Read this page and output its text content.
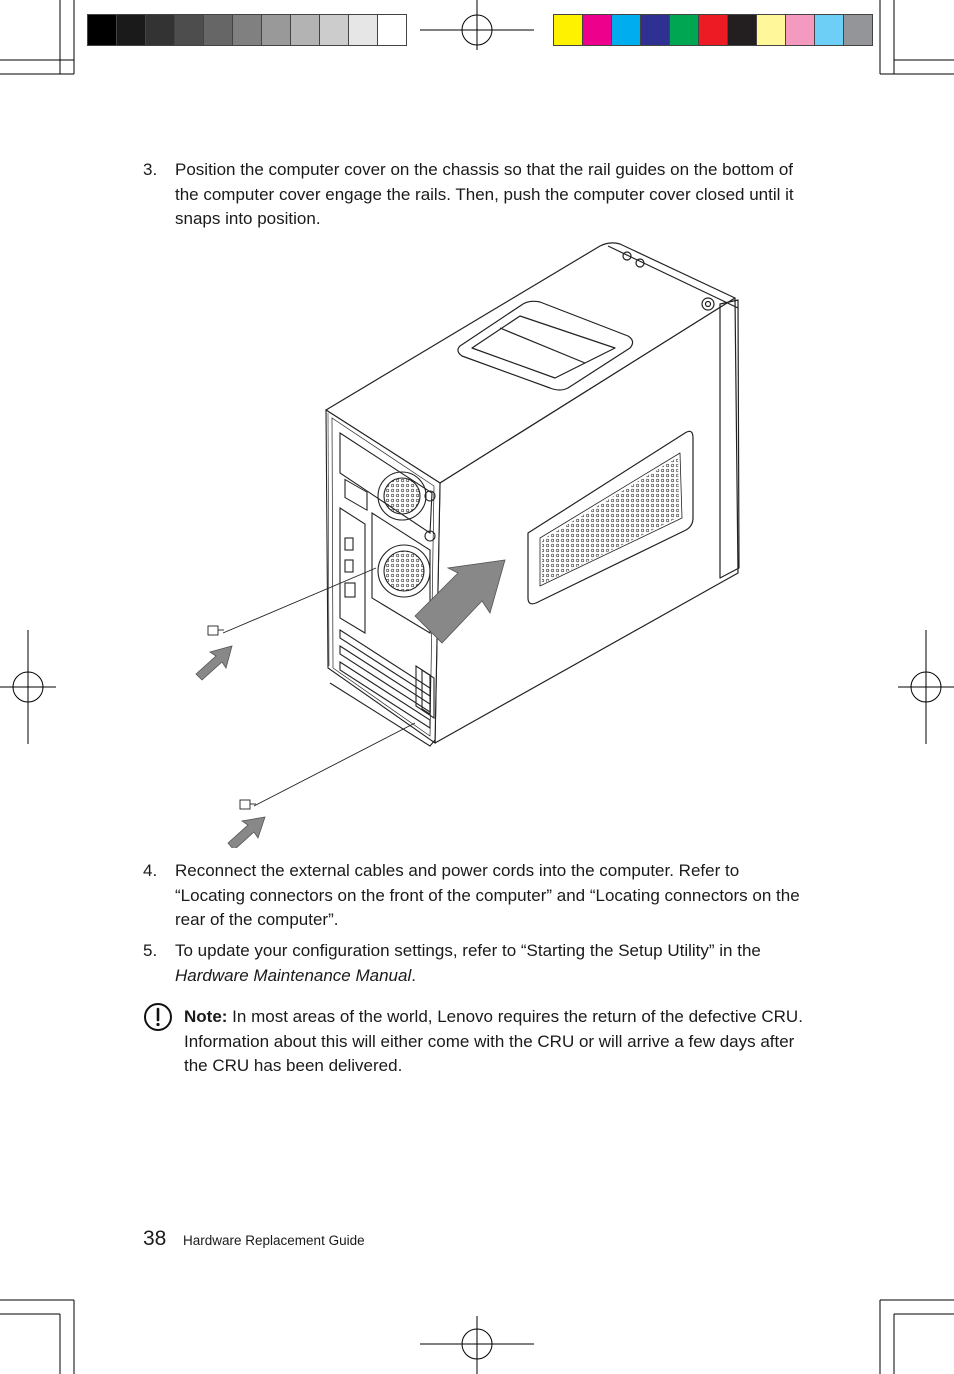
3. Position the computer cover on the chassis so that the rail guides on the bottom of the computer cover engage the rails. Then, push the computer cover closed until it snaps into position.
4. Reconnect the external cables and power cords into the computer. Refer to “Locating connectors on the front of the computer” and “Locating connectors on the rear of the computer”.
5. To update your configuration settings, refer to “Starting the Setup Utility” in the Hardware Maintenance Manual.
Note: In most areas of the world, Lenovo requires the return of the defective CRU. Information about this will either come with the CRU or will arrive a few days after the CRU has been delivered.
38 Hardware Replacement Guide
